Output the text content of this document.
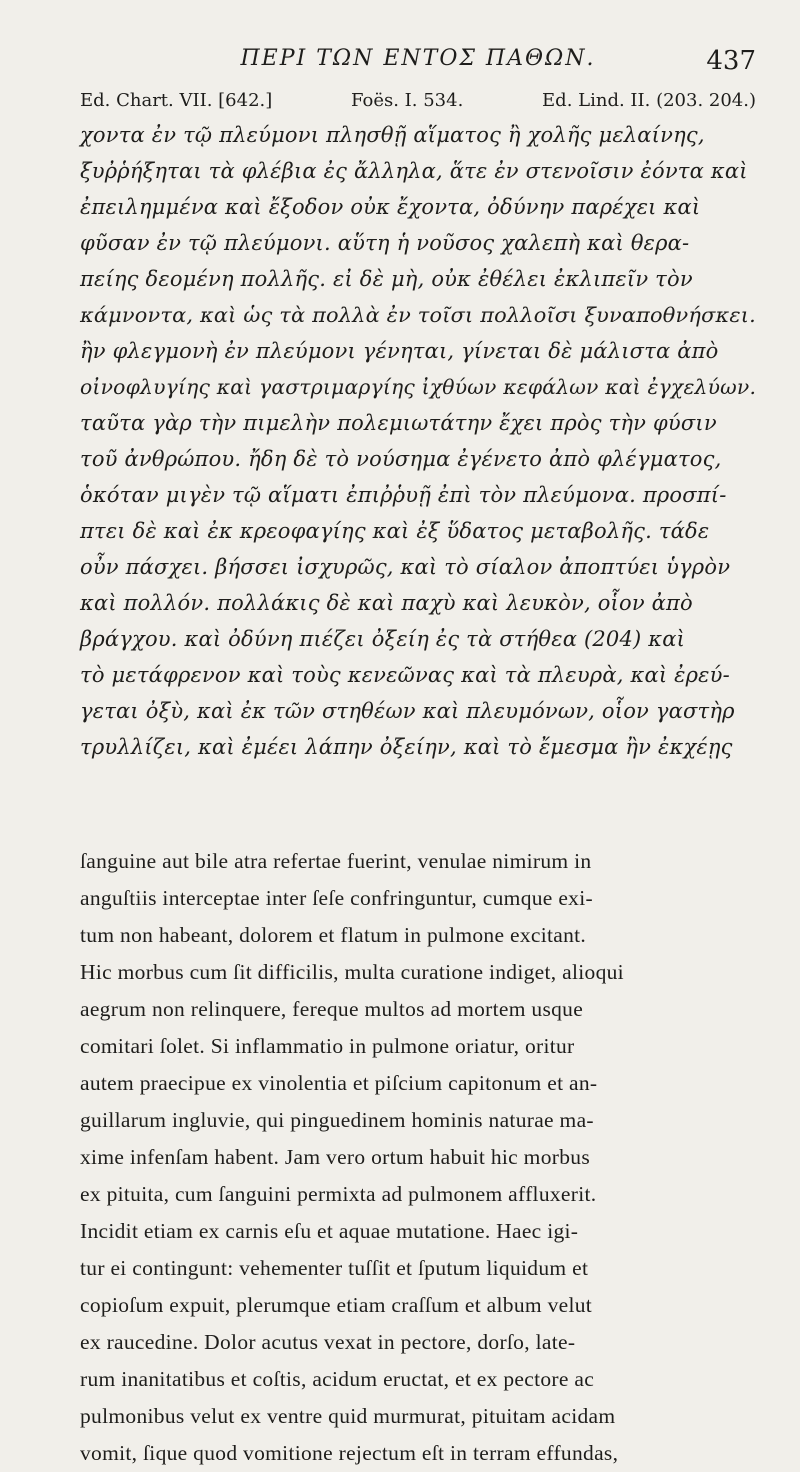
ΠΕΡΙ ΤΩΝ ΕΝΤΟΣ ΠΑΘΩΝ.	437
Ed. Chart. VII. [642.]	Foës. I. 534.	Ed. Lind. II. (203. 204.)
χοντα ἐν τῷ πλεύμονι πλησθῇ αἵματος ἢ χολῆς μελαίνης,
ξυῤῥήξηται τὰ φλέβια ἐς ἄλληλα, ἅτε ἐν στενοῖσιν ἐόντα καὶ
ἐπειλημμένα καὶ ἔξοδον οὐκ ἔχοντα, ὀδύνην παρέχει καὶ
φῦσαν ἐν τῷ πλεύμονι. αὕτη ἡ νοῦσος χαλεπὴ καὶ θερα-
πείης δεομένη πολλῆς. εἰ δὲ μὴ, οὐκ ἐθέλει ἐκλιπεῖν τὸν
κάμνοντα, καὶ ὡς τὰ πολλὰ ἐν τοῖσι πολλοῖσι ξυναποθνήσκει.
ἢν φλεγμονὴ ἐν πλεύμονι γένηται, γίνεται δὲ μάλιστα ἀπὸ
οἰνοφλυγίης καὶ γαστριμαργίης ἰχθύων κεφάλων καὶ ἐγχελύων.
ταῦτα γὰρ τὴν πιμελὴν πολεμιωτάτην ἔχει πρὸς τὴν φύσιν
τοῦ ἀνθρώπου. ἤδη δὲ τὸ νούσημα ἐγένετο ἀπὸ φλέγματος,
ὁκόταν μιγὲν τῷ αἵματι ἐπιῤῥυῇ ἐπὶ τὸν πλεύμονα. προσπί-
πτει δὲ καὶ ἐκ κρεοφαγίης καὶ ἐξ ὕδατος μεταβολῆς. τάδε
οὖν πάσχει. βήσσει ἰσχυρῶς, καὶ τὸ σίαλον ἀποπτύει ὑγρὸν
καὶ πολλόν. πολλάκις δὲ καὶ παχὺ καὶ λευκὸν, οἷον ἀπὸ
βράγχου. καὶ ὀδύνη πιέζει ὀξείη ἐς τὰ στήθεα (204) καὶ
τὸ μετάφρενον καὶ τοὺς κενεῶνας καὶ τὰ πλευρὰ, καὶ ἐρεύ-
γεται ὀξὺ, καὶ ἐκ τῶν στηθέων καὶ πλευμόνων, οἷον γαστὴρ
τρυλλίζει, καὶ ἐμέει λάπην ὀξείην, καὶ τὸ ἔμεσμα ἢν ἐκχέῃς
ſanguine aut bile atra refertae fuerint, venulae nimirum in
anguſtiis interceptae inter ſeſe confringuntur, cumque exi-
tum non habeant, dolorem et flatum in pulmone excitant.
Hic morbus cum ſit difficilis, multa curatione indiget, alioqui
aegrum non relinquere, fereque multos ad mortem usque
comitari ſolet. Si inflammatio in pulmone oriatur, oritur
autem praecipue ex vinolentia et piſcium capitonum et an-
guillarum ingluvie, qui pinguedinem hominis naturae ma-
xime infenſam habent. Jam vero ortum habuit hic morbus
ex pituita, cum ſanguini permixta ad pulmonem affluxerit.
Incidit etiam ex carnis eſu et aquae mutatione. Haec igi-
tur ei contingunt: vehementer tuſſit et ſputum liquidum et
copioſum expuit, plerumque etiam craſſum et album velut
ex raucedine. Dolor acutus vexat in pectore, dorſo, late-
rum inanitatibus et coſtis, acidum eructat, et ex pectore ac
pulmonibus velut ex ventre quid murmurat, pituitam acidam
vomit, ſique quod vomitione rejectum eſt in terram effundas,
